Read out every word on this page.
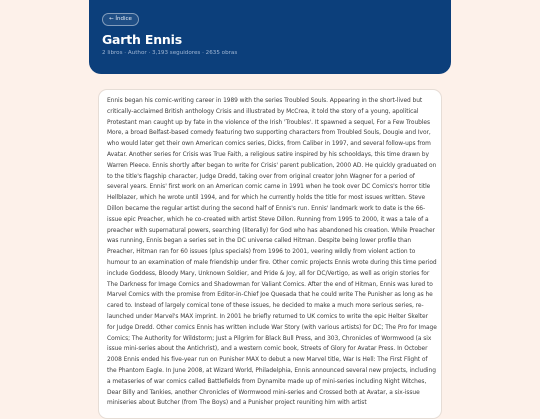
← Índice
Garth Ennis
2 libros · Author · 3,193 seguidores · 2635 obras

Ennis began his comic-writing career in 1989 with the series Troubled Souls. Appearing in the short-lived but critically-acclaimed British anthology Crisis and illustrated by McCrea, it told the story of a young, apolitical Protestant man caught up by fate in the violence of the Irish 'Troubles'. It spawned a sequel, For a Few Troubles More, a broad Belfast-based comedy featuring two supporting characters from Troubled Souls, Dougie and Ivor, who would later get their own American comics series, Dicks, from Caliber in 1997, and several follow-ups from Avatar. Another series for Crisis was True Faith, a religious satire inspired by his schooldays, this time drawn by Warren Pleece. Ennis shortly after began to write for Crisis' parent publication, 2000 AD. He quickly graduated on to the title's flagship character, Judge Dredd, taking over from original creator John Wagner for a period of several years. Ennis' first work on an American comic came in 1991 when he took over DC Comics's horror title Hellblazer, which he wrote until 1994, and for which he currently holds the title for most issues written. Steve Dillon became the regular artist during the second half of Ennis's run. Ennis' landmark work to date is the 66-issue epic Preacher, which he co-created with artist Steve Dillon. Running from 1995 to 2000, it was a tale of a preacher with supernatural powers, searching (literally) for God who has abandoned his creation. While Preacher was running, Ennis began a series set in the DC universe called Hitman. Despite being lower profile than Preacher, Hitman ran for 60 issues (plus specials) from 1996 to 2001, veering wildly from violent action to humour to an examination of male friendship under fire. Other comic projects Ennis wrote during this time period include Goddess, Bloody Mary, Unknown Soldier, and Pride & Joy, all for DC/Vertigo, as well as origin stories for The Darkness for Image Comics and Shadowman for Valiant Comics. After the end of Hitman, Ennis was lured to Marvel Comics with the promise from Editor-in-Chief Joe Quesada that he could write The Punisher as long as he cared to. Instead of largely comical tone of these issues, he decided to make a much more serious series, re-launched under Marvel's MAX imprint. In 2001 he briefly returned to UK comics to write the epic Helter Skelter for Judge Dredd. Other comics Ennis has written include War Story (with various artists) for DC; The Pro for Image Comics; The Authority for Wildstorm; Just a Pilgrim for Black Bull Press, and 303, Chronicles of Wormwood (a six issue mini-series about the Antichrist), and a western comic book, Streets of Glory for Avatar Press. In October 2008 Ennis ended his five-year run on Punisher MAX to debut a new Marvel title, War Is Hell: The First Flight of the Phantom Eagle. In June 2008, at Wizard World, Philadelphia, Ennis announced several new projects, including a metaseries of war comics called Battlefields from Dynamite made up of mini-series including Night Witches, Dear Billy and Tankies, another Chronicles of Wormwood mini-series and Crossed both at Avatar, a six-issue miniseries about Butcher (from The Boys) and a Punisher project reuniting him with artist
